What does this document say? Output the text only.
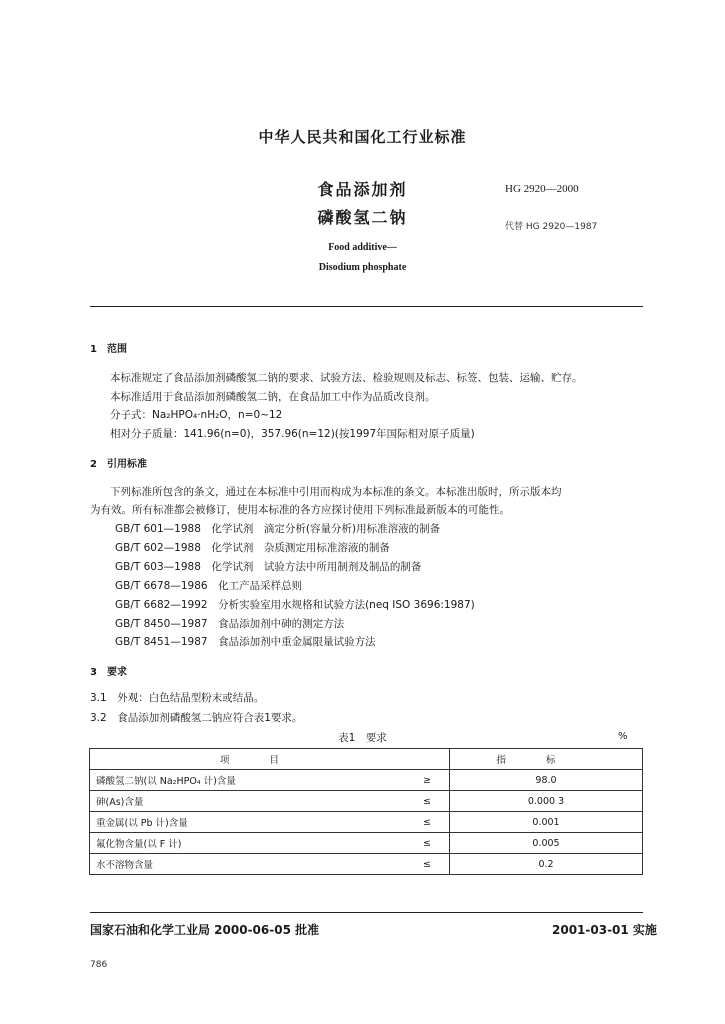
中华人民共和国化工行业标准
食品添加剂
磷酸氢二钠
HG 2920—2000
代替 HG 2920—1987
Food additive—
Disodium phosphate
1　范围
本标准规定了食品添加剂磷酸氢二钠的要求、试验方法、检验规则及标志、标签、包装、运输、贮存。
本标准适用于食品添加剂磷酸氢二钠，在食品加工中作为品质改良剂。
分子式：Na₂HPO₄·nH₂O，n=0~12
相对分子质量：141.96(n=0)，357.96(n=12)(按1997年国际相对原子质量)
2　引用标准
下列标准所包含的条文，通过在本标准中引用而构成为本标准的条文。本标准出版时，所示版本均
为有效。所有标准都会被修订，使用本标准的各方应探讨使用下列标准最新版本的可能性。
GB/T 601—1988　化学试剂　滴定分析(容量分析)用标准溶液的制备
GB/T 602—1988　化学试剂　杂质测定用标准溶液的制备
GB/T 603—1988　化学试剂　试验方法中所用制剂及制品的制备
GB/T 6678—1986　化工产品采样总则
GB/T 6682—1992　分析实验室用水规格和试验方法(neq ISO 3696:1987)
GB/T 8450—1987　食品添加剂中砷的测定方法
GB/T 8451—1987　食品添加剂中重金属限量试验方法
3　要求
3.1　外观：白色结晶型粉末或结晶。
3.2　食品添加剂磷酸氢二钠应符合表1要求。
表1　要求	%
项目		指标
磷酸氢二钠(以 Na₂HPO₄ 计)含量	≥	98.0
砷(As)含量	≤	0.000 3
重金属(以 Pb 计)含量	≤	0.001
氟化物含量(以 F 计)	≤	0.005
水不溶物含量	≤	0.2
国家石油和化学工业局 2000-06-05 批准	2001-03-01 实施
786
